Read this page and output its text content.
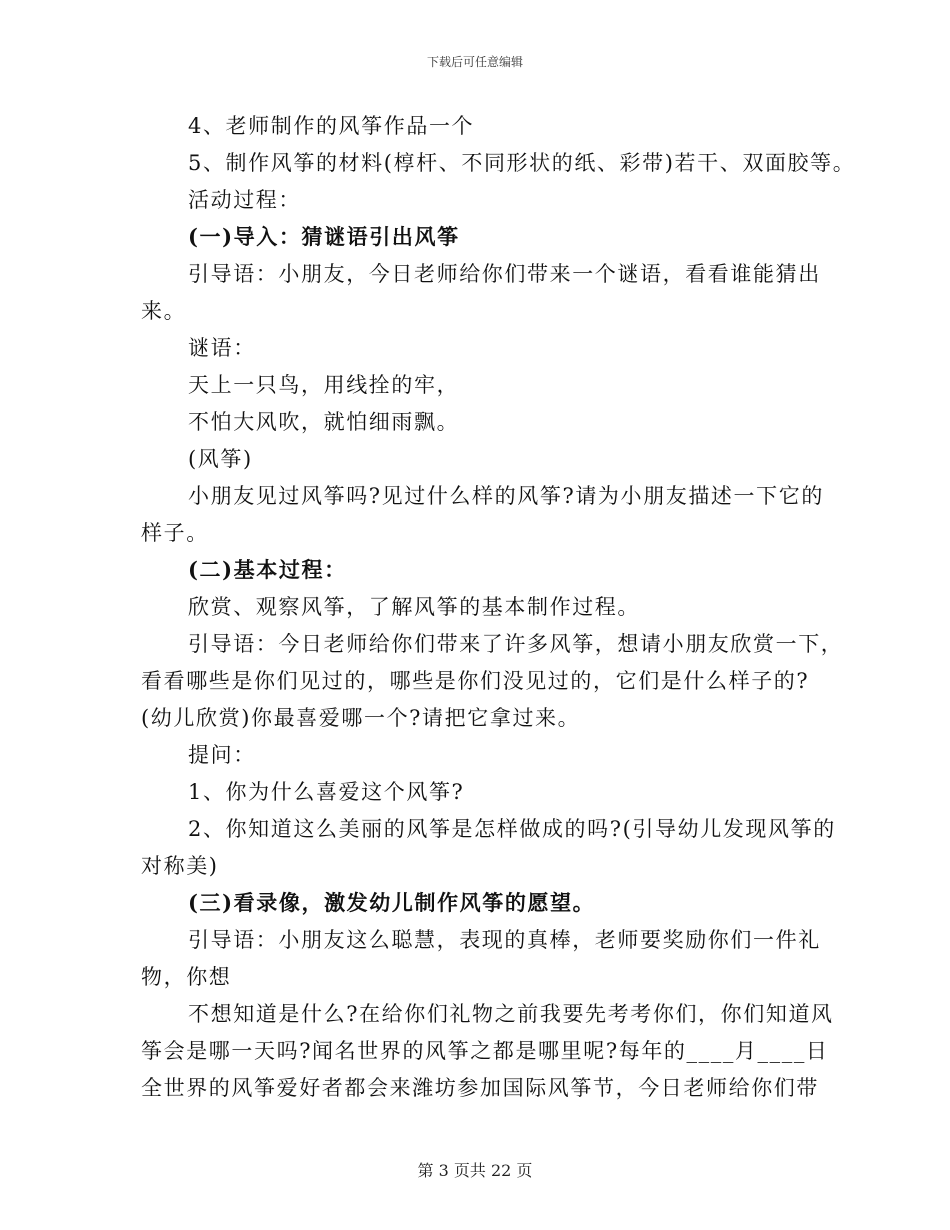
下载后可任意编辑
4、老师制作的风筝作品一个
5、制作风筝的材料(椁杆、不同形状的纸、彩带)若干、双面胶等。
活动过程：
(一)导入：猜谜语引出风筝
引导语：小朋友，今日老师给你们带来一个谜语，看看谁能猜出
来。
谜语：
天上一只鸟，用线拴的牢，
不怕大风吹，就怕细雨飘。
(风筝)
小朋友见过风筝吗?见过什么样的风筝?请为小朋友描述一下它的
样子。
(二)基本过程：
欣赏、观察风筝，了解风筝的基本制作过程。
引导语：今日老师给你们带来了许多风筝，想请小朋友欣赏一下，
看看哪些是你们见过的，哪些是你们没见过的，它们是什么样子的?
(幼儿欣赏)你最喜爱哪一个?请把它拿过来。
提问：
1、你为什么喜爱这个风筝?
2、你知道这么美丽的风筝是怎样做成的吗?(引导幼儿发现风筝的
对称美)
(三)看录像，激发幼儿制作风筝的愿望。
引导语：小朋友这么聪慧，表现的真棒，老师要奖励你们一件礼
物，你想
不想知道是什么?在给你们礼物之前我要先考考你们，你们知道风
筝会是哪一天吗?闻名世界的风筝之都是哪里呢?每年的____月____日
全世界的风筝爱好者都会来潍坊参加国际风筝节，今日老师给你们带
第 3 页共 22 页
